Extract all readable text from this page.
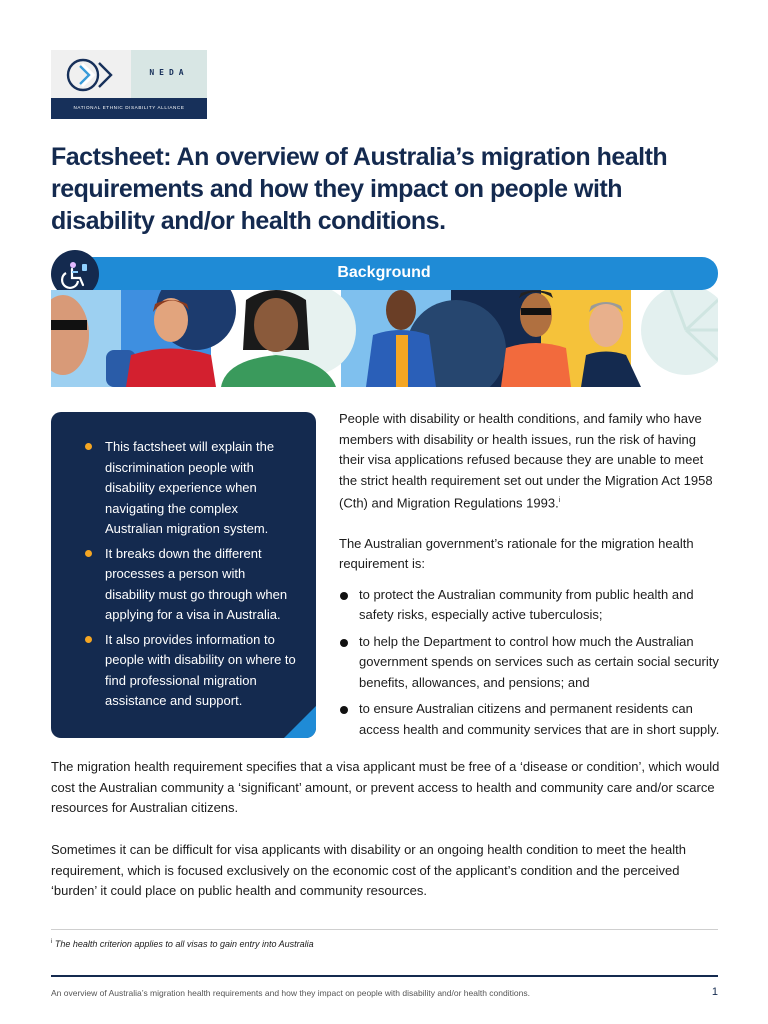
NEDA
NATIONAL ETHNIC DISABILITY ALLIANCE
Factsheet: An overview of Australia’s migration health requirements and how they impact on people with disability and/or health conditions.
Background
This factsheet will explain the discrimination people with disability experience when navigating the complex Australian migration system.
It breaks down the different processes a person with disability must go through when applying for a visa in Australia.
It also provides information to people with disability on where to find professional migration assistance and support.

People with disability or health conditions, and family who have members with disability or health issues, run the risk of having their visa applications refused because they are unable to meet the strict health requirement set out under the Migration Act 1958 (Cth) and Migration Regulations 1993.$^i$

The Australian government’s rationale for the migration health requirement is:

to protect the Australian community from public health and safety risks, especially active tuberculosis;
to help the Department to control how much the Australian government spends on services such as certain social security benefits, allowances, and pensions; and
to ensure Australian citizens and permanent residents can access health and community services that are in short supply.

The migration health requirement specifies that a visa applicant must be free of a ‘disease or condition’, which would cost the Australian community a ‘significant’ amount, or prevent access to health and community care and/or scarce resources for Australian citizens.

Sometimes it can be difficult for visa applicants with disability or an ongoing health condition to meet the health requirement, which is focused exclusively on the economic cost of the applicant’s condition and the perceived ‘burden’ it could place on public health and community resources.

$^i$ The health criterion applies to all visas to gain entry into Australia
An overview of Australia’s migration health requirements and how they impact on people with disability and/or health conditions.	1
